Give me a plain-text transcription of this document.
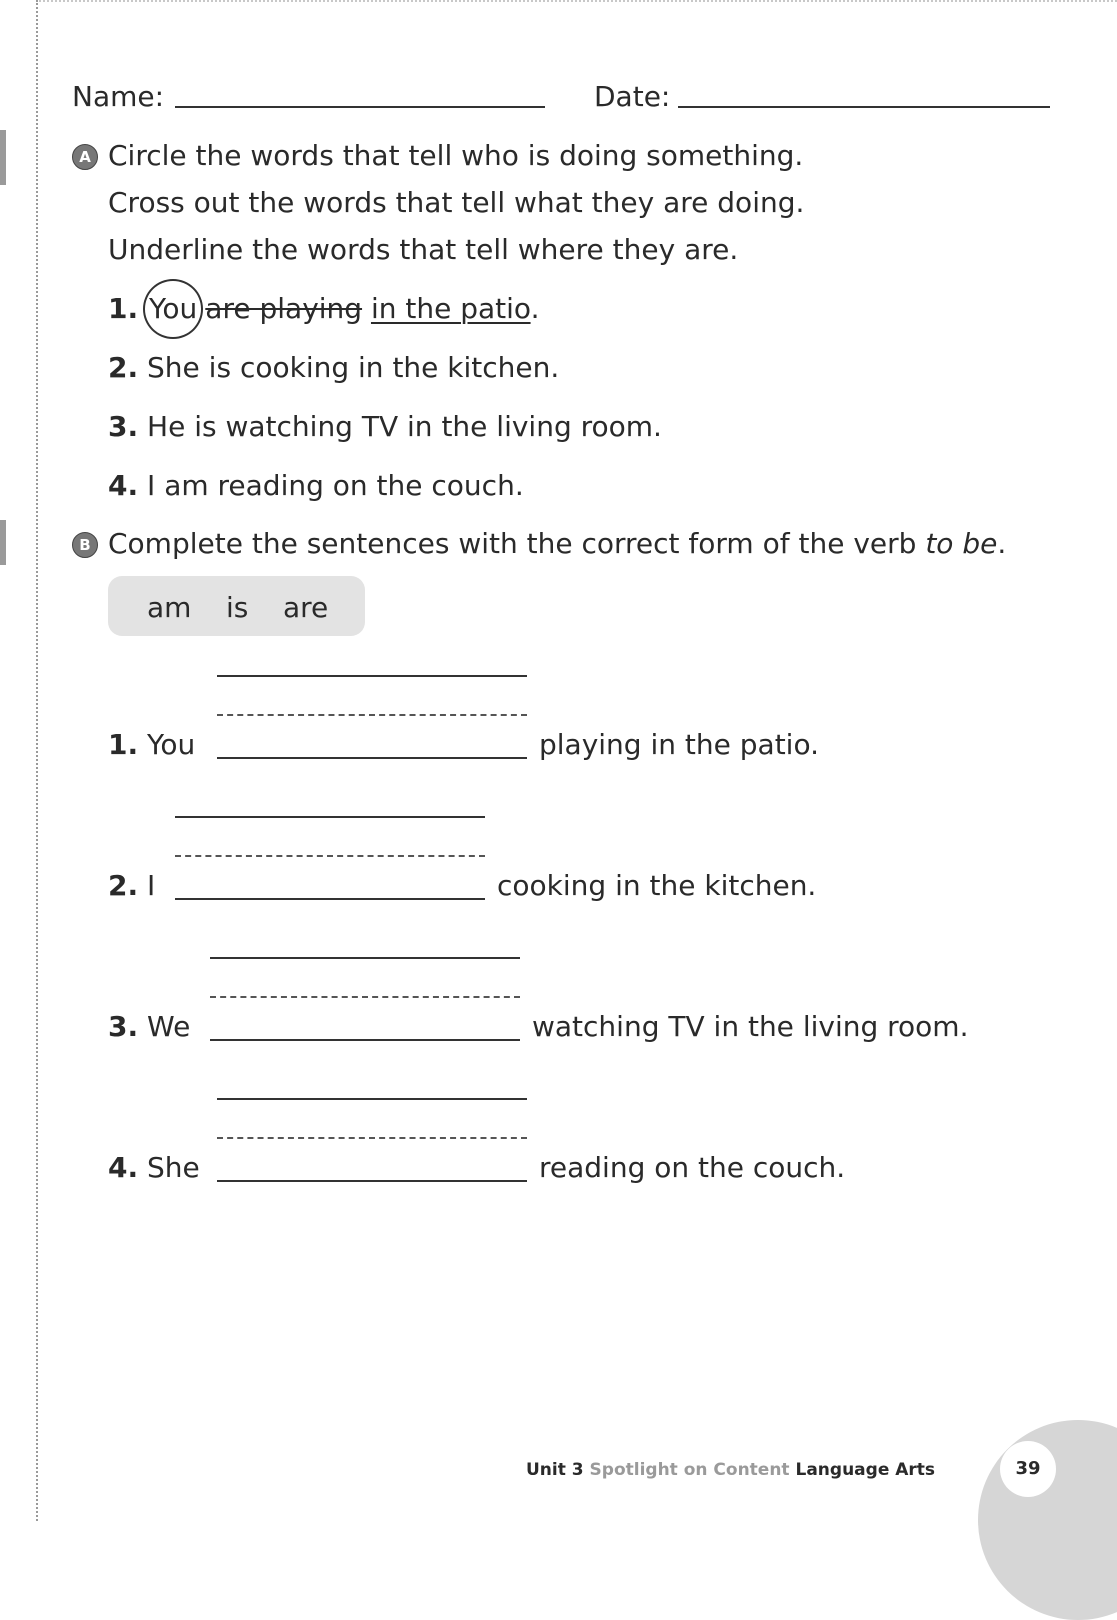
Name:	Date:
A Circle the words that tell who is doing something.
Cross out the words that tell what they are doing.
Underline the words that tell where they are.
1. You are playing in the patio.
2. She is cooking in the kitchen.
3. He is watching TV in the living room.
4. I am reading on the couch.
B Complete the sentences with the correct form of the verb to be.
am is are
1. You	playing in the patio.
2. I	cooking in the kitchen.
3. We	watching TV in the living room.
4. She	reading on the couch.
39
Unit 3 Spotlight on Content Language Arts
